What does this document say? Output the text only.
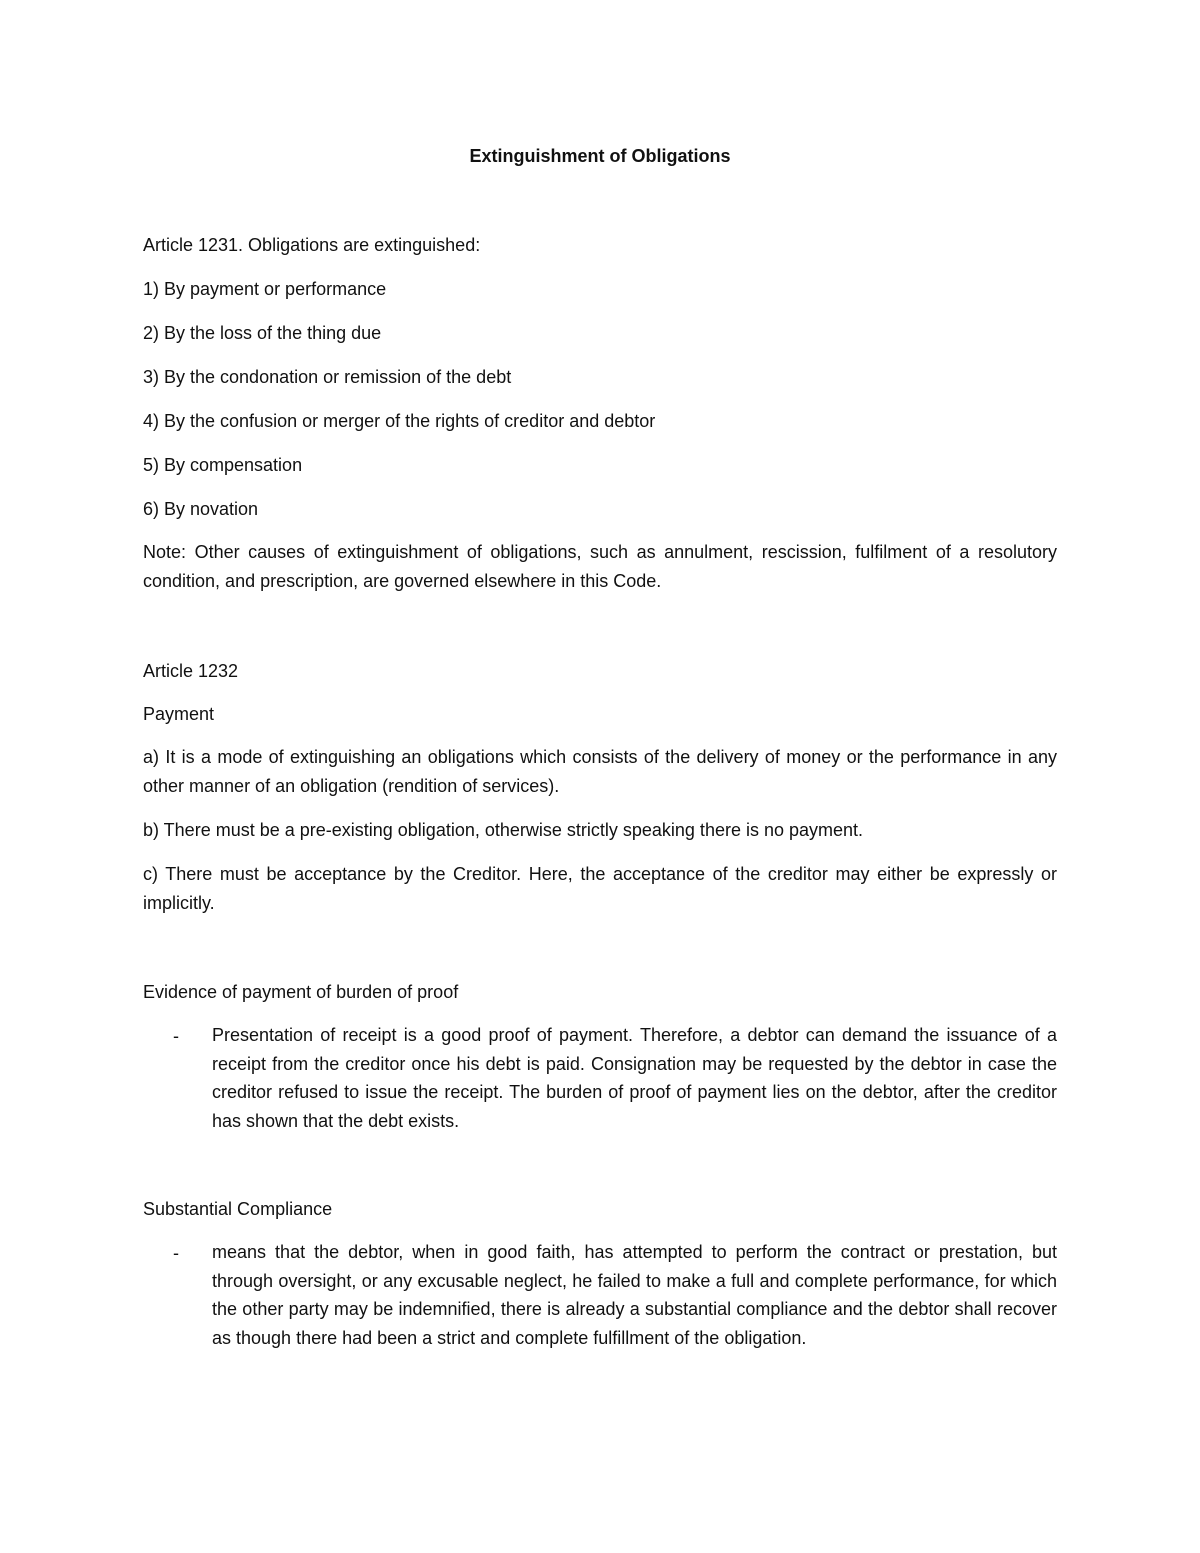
Extinguishment of Obligations

Article 1231. Obligations are extinguished:

1) By payment or performance

2) By the loss of the thing due

3) By the condonation or remission of the debt

4) By the confusion or merger of the rights of creditor and debtor

5) By compensation

6) By novation

Note: Other causes of extinguishment of obligations, such as annulment, rescission, fulfilment of a resolutory condition, and prescription, are governed elsewhere in this Code.

Article 1232

Payment

a) It is a mode of extinguishing an obligations which consists of the delivery of money or the performance in any other manner of an obligation (rendition of services).

b) There must be a pre-existing obligation, otherwise strictly speaking there is no payment.

c) There must be acceptance by the Creditor. Here, the acceptance of the creditor may either be expressly or implicitly.

Evidence of payment of burden of proof

- Presentation of receipt is a good proof of payment. Therefore, a debtor can demand the issuance of a receipt from the creditor once his debt is paid. Consignation may be requested by the debtor in case the creditor refused to issue the receipt. The burden of proof of payment lies on the debtor, after the creditor has shown that the debt exists.

Substantial Compliance

- means that the debtor, when in good faith, has attempted to perform the contract or prestation, but through oversight, or any excusable neglect, he failed to make a full and complete performance, for which the other party may be indemnified, there is already a substantial compliance and the debtor shall recover as though there had been a strict and complete fulfillment of the obligation.
